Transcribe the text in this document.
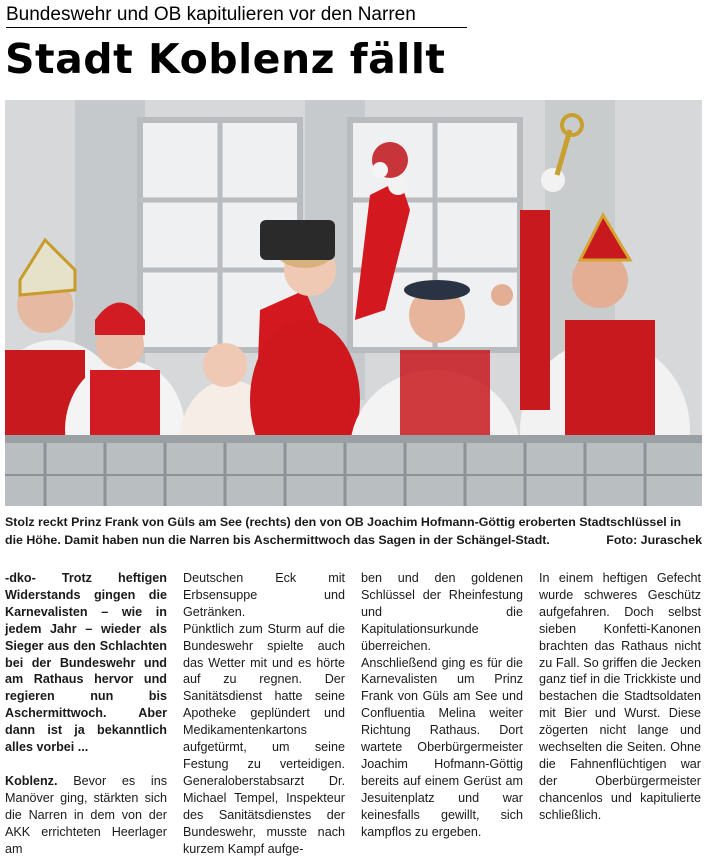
Bundeswehr und OB kapitulieren vor den Narren
Stadt Koblenz fällt
Stolz reckt Prinz Frank von Güls am See (rechts) den von OB Joachim Hofmann-Göttig eroberten Stadtschlüssel in die Höhe. Damit haben nun die Narren bis Aschermittwoch das Sagen in der Schängel-Stadt.	Foto: Juraschek

-dko- Trotz heftigen Widerstands gingen die Karnevalisten – wie in jedem Jahr – wieder als Sieger aus den Schlachten bei der Bundeswehr und am Rathaus hervor und regieren nun bis Aschermittwoch. Aber dann ist ja bekanntlich alles vorbei ...

Koblenz. Bevor es ins Manöver ging, stärkten sich die Narren in dem von der AKK errichteten Heerlager am

Deutschen Eck mit Erbsensuppe und Getränken.

Pünktlich zum Sturm auf die Bundeswehr spielte auch das Wetter mit und es hörte auf zu regnen. Der Sanitätsdienst hatte seine Apotheke geplündert und Medikamentenkartons aufgetürmt, um seine Festung zu verteidigen. Generaloberstabsarzt Dr. Michael Tempel, Inspekteur des Sanitätsdienstes der Bundeswehr, musste nach kurzem Kampf aufge-

ben und den goldenen Schlüssel der Rheinfestung und die Kapitulationsurkunde überreichen.

Anschließend ging es für die Karnevalisten um Prinz Frank von Güls am See und Confluentia Melina weiter Richtung Rathaus. Dort wartete Oberbürgermeister Joachim Hofmann-Göttig bereits auf einem Gerüst am Jesuitenplatz und war keinesfalls gewillt, sich kampflos zu ergeben.

In einem heftigen Gefecht wurde schweres Geschütz aufgefahren. Doch selbst sieben Konfetti-Kanonen brachten das Rathaus nicht zu Fall. So griffen die Jecken ganz tief in die Trickkiste und bestachen die Stadtsoldaten mit Bier und Wurst. Diese zögerten nicht lange und wechselten die Seiten. Ohne die Fahnenflüchtigen war der Oberbürgermeister chancenlos und kapitulierte schließlich.
